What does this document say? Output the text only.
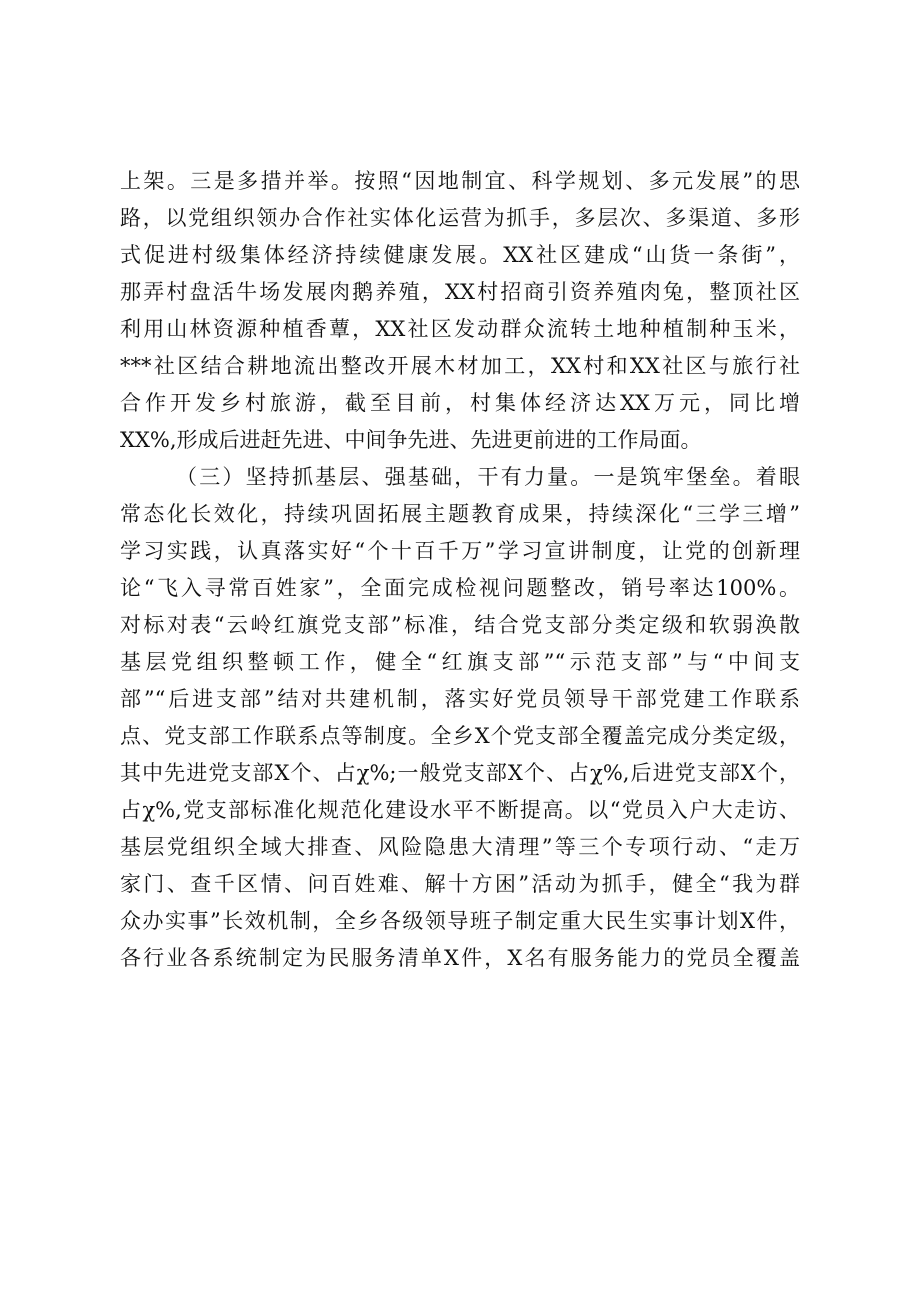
上架。三是多措并举。按照“因地制宜、科学规划、多元发展”的思
路，以党组织领办合作社实体化运营为抓手，多层次、多渠道、多形
式促进村级集体经济持续健康发展。XX社区建成“山货一条街”，
那弄村盘活牛场发展肉鹅养殖，XX村招商引资养殖肉兔，整顶社区
利用山林资源种植香蕈，XX社区发动群众流转土地种植制种玉米，
***社区结合耕地流出整改开展木材加工，XX村和XX社区与旅行社
合作开发乡村旅游，截至目前，村集体经济达XX万元，同比增
XX%,形成后进赶先进、中间争先进、先进更前进的工作局面。
（三）坚持抓基层、强基础，干有力量。一是筑牢堡垒。着眼
常态化长效化，持续巩固拓展主题教育成果，持续深化“三学三增”
学习实践，认真落实好“个十百千万”学习宣讲制度，让党的创新理
论“飞入寻常百姓家”，全面完成检视问题整改，销号率达100%。
对标对表“云岭红旗党支部”标准，结合党支部分类定级和软弱涣散
基层党组织整顿工作，健全“红旗支部”“示范支部”与“中间支
部”“后进支部”结对共建机制，落实好党员领导干部党建工作联系
点、党支部工作联系点等制度。全乡X个党支部全覆盖完成分类定级，
其中先进党支部X个、占χ%;一般党支部X个、占χ%,后进党支部X个，
占χ%,党支部标准化规范化建设水平不断提高。以“党员入户大走访、
基层党组织全域大排查、风险隐患大清理”等三个专项行动、“走万
家门、查千区情、问百姓难、解十方困”活动为抓手，健全“我为群
众办实事”长效机制，全乡各级领导班子制定重大民生实事计划X件，
各行业各系统制定为民服务清单X件，X名有服务能力的党员全覆盖
